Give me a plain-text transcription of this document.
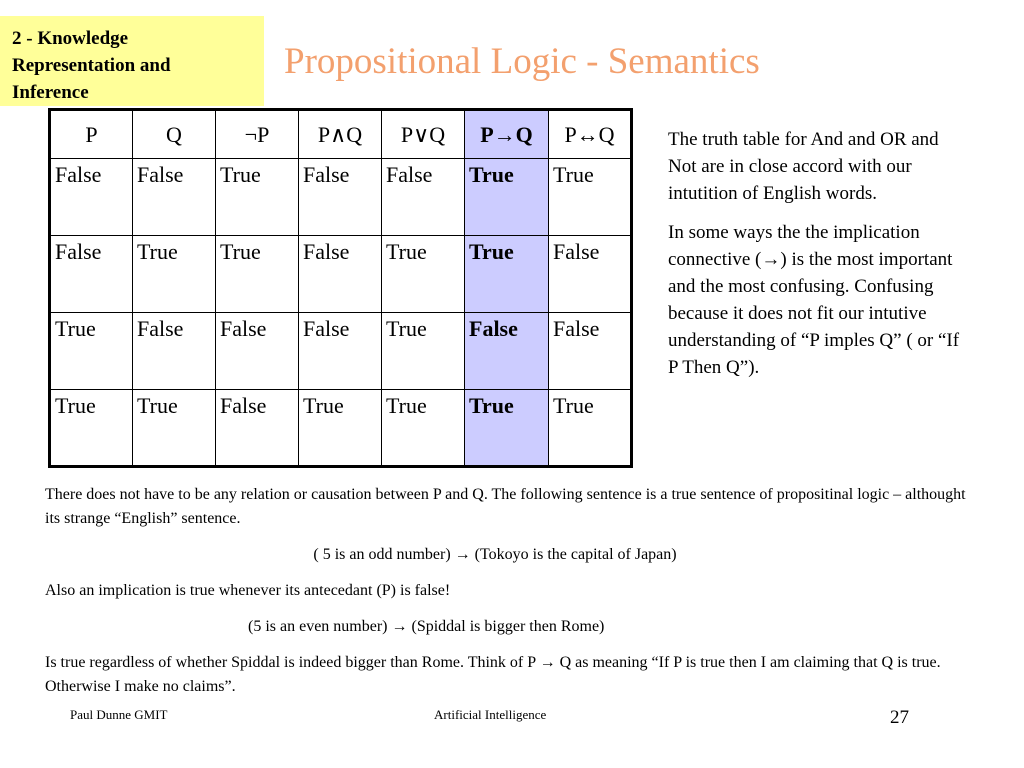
2 - Knowledge
Representation and
Inference
Propositional Logic - Semantics
P	Q	¬P	P∧Q	P∨Q	P→Q	P↔Q
False	False	True	False	False	True	True
False	True	True	False	True	True	False
True	False	False	False	True	False	False
True	True	False	True	True	True	True

The truth table for And and OR and Not are in close accord with our intutition of English words.

In some ways the the implication connective (→) is the most important and the most confusing. Confusing because it does not fit our intutive understanding of “P imples Q” ( or “If P Then Q”).

There does not have to be any relation or causation between P and Q. The following sentence is a true sentence of propositinal logic – althought its strange “English” sentence.

( 5 is an odd number) → (Tokoyo is the capital of Japan)

Also an implication is true whenever its antecedant (P) is false!

(5 is an even number) → (Spiddal is bigger then Rome)

Is true regardless of whether Spiddal is indeed bigger than Rome. Think of P → Q as meaning “If P is true then I am claiming that Q is true. Otherwise I make no claims”.

Paul Dunne GMIT	Artificial Intelligence	27
